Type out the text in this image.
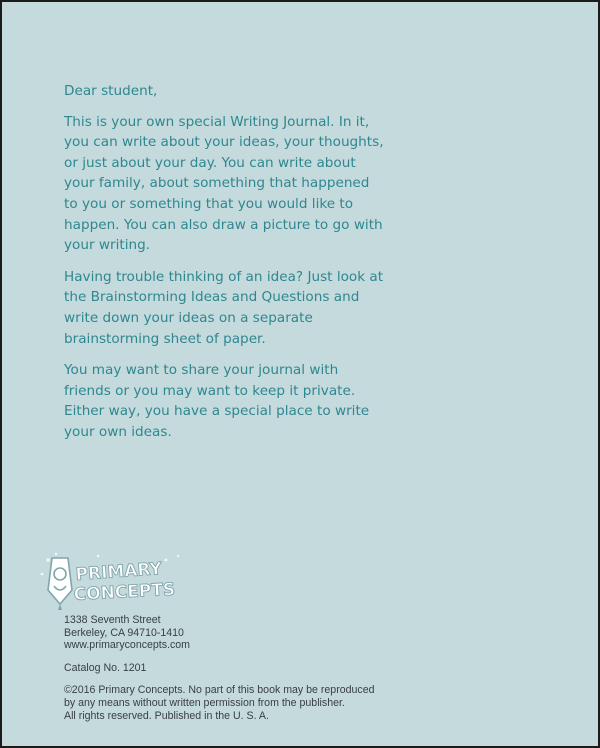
Dear student,

This is your own special Writing Journal. In it, you can write about your ideas, your thoughts, or just about your day. You can write about your family, about something that happened to you or something that you would like to happen. You can also draw a picture to go with your writing.

Having trouble thinking of an idea? Just look at the Brainstorming Ideas and Questions and write down your ideas on a separate brainstorming sheet of paper.

You may want to share your journal with friends or you may want to keep it private. Either way, you have a special place to write your own ideas.

PRIMARY
CONCEPTS
1338 Seventh Street
Berkeley, CA 94710-1410
www.primaryconcepts.com
Catalog No. 1201
©2016 Primary Concepts. No part of this book may be reproduced
by any means without written permission from the publisher.
All rights reserved. Published in the U. S. A.
